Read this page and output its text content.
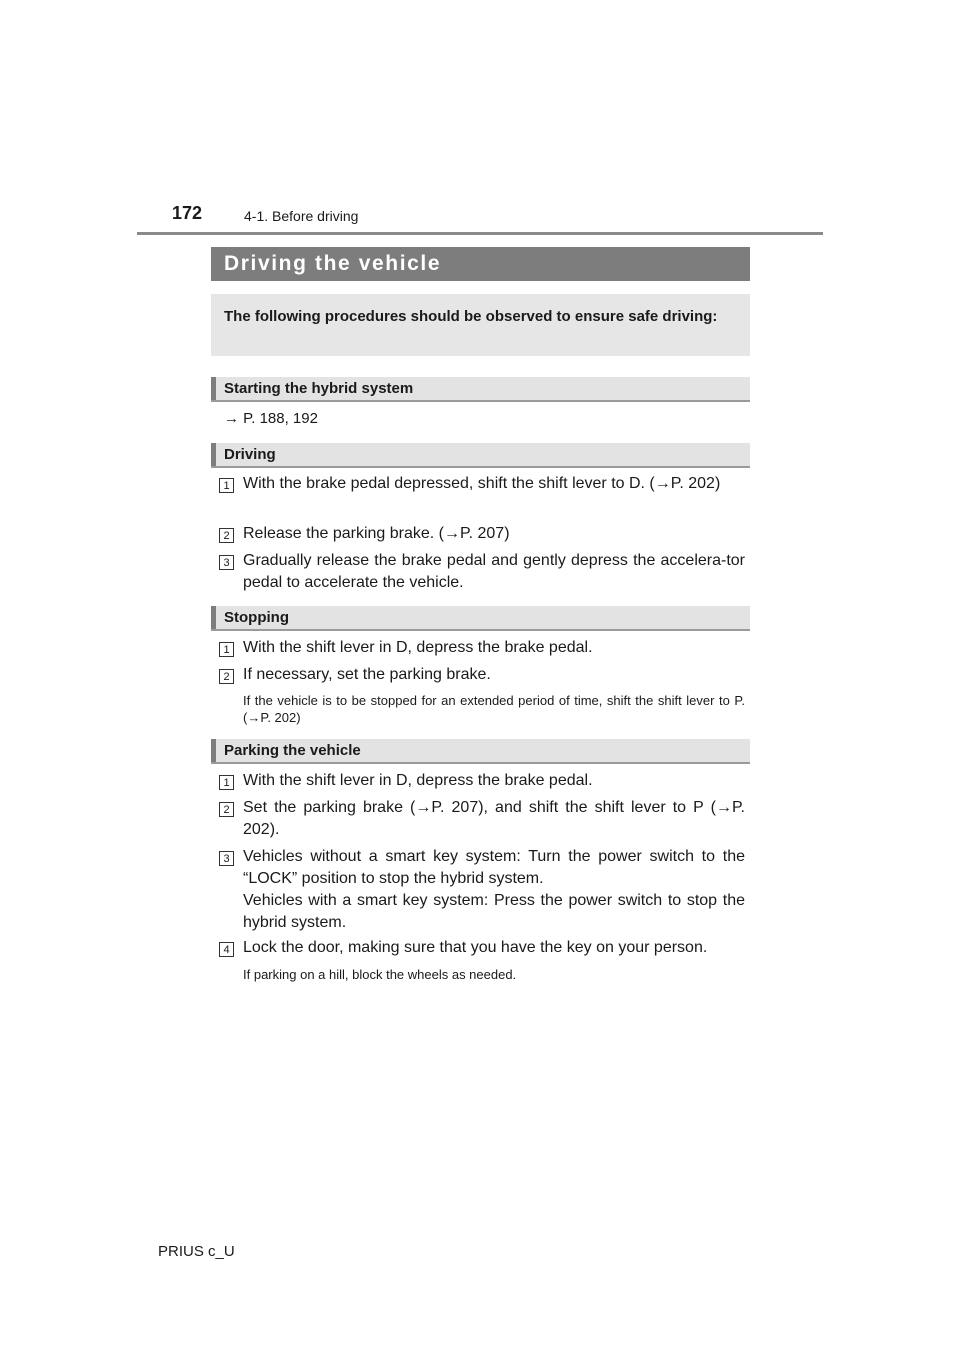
172	4-1. Before driving
Driving the vehicle
The following procedures should be observed to ensure safe driving:
Starting the hybrid system
→ P. 188, 192
Driving
1 With the brake pedal depressed, shift the shift lever to D. (→P. 202)
2 Release the parking brake. (→P. 207)
3 Gradually release the brake pedal and gently depress the accelera-tor pedal to accelerate the vehicle.
Stopping
1 With the shift lever in D, depress the brake pedal.
2 If necessary, set the parking brake.
If the vehicle is to be stopped for an extended period of time, shift the shift lever to P. (→P. 202)
Parking the vehicle
1 With the shift lever in D, depress the brake pedal.
2 Set the parking brake (→P. 207), and shift the shift lever to P (→P. 202).
3 Vehicles without a smart key system: Turn the power switch to the “LOCK” position to stop the hybrid system.
Vehicles with a smart key system: Press the power switch to stop the hybrid system.
4 Lock the door, making sure that you have the key on your person.
If parking on a hill, block the wheels as needed.
PRIUS c_U
